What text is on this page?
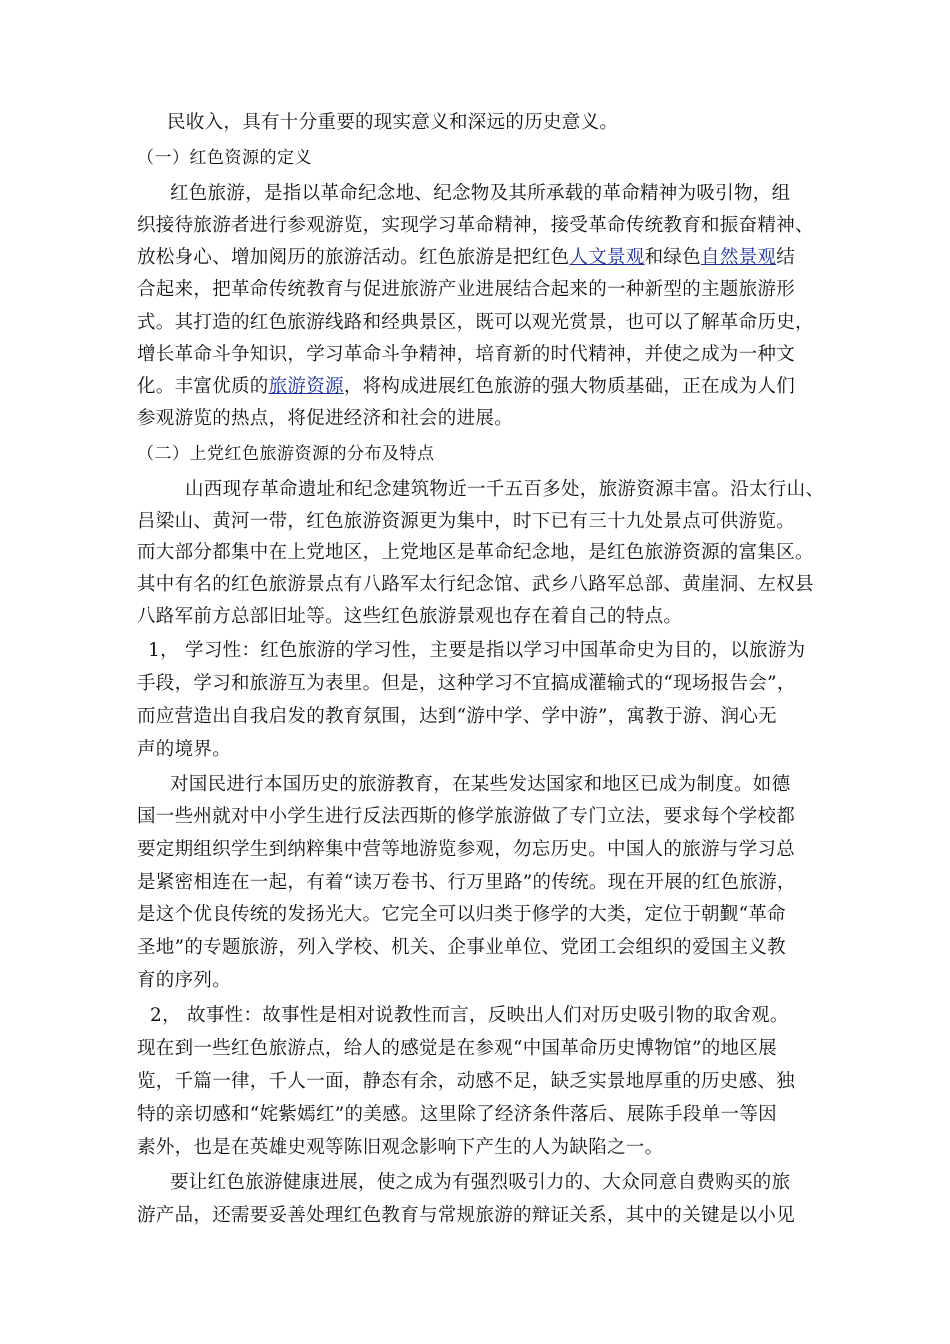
民收入，具有十分重要的现实意义和深远的历史意义。
（一）红色资源的定义
红色旅游，是指以革命纪念地、纪念物及其所承载的革命精神为吸引物，组
织接待旅游者进行参观游览，实现学习革命精神，接受革命传统教育和振奋精神、
放松身心、增加阅历的旅游活动。红色旅游是把红色人文景观和绿色自然景观结
合起来，把革命传统教育与促进旅游产业进展结合起来的一种新型的主题旅游形
式。其打造的红色旅游线路和经典景区，既可以观光赏景，也可以了解革命历史，
增长革命斗争知识，学习革命斗争精神，培育新的时代精神，并使之成为一种文
化。丰富优质的旅游资源，将构成进展红色旅游的强大物质基础，正在成为人们
参观游览的热点，将促进经济和社会的进展。
（二）上党红色旅游资源的分布及特点
山西现存革命遗址和纪念建筑物近一千五百多处，旅游资源丰富。沿太行山、
吕梁山、黄河一带，红色旅游资源更为集中，时下已有三十九处景点可供游览。
而大部分都集中在上党地区，上党地区是革命纪念地，是红色旅游资源的富集区。
其中有名的红色旅游景点有八路军太行纪念馆、武乡八路军总部、黄崖洞、左权县
八路军前方总部旧址等。这些红色旅游景观也存在着自己的特点。
1， 学习性：红色旅游的学习性，主要是指以学习中国革命史为目的，以旅游为
手段，学习和旅游互为表里。但是，这种学习不宜搞成灌输式的“现场报告会”，
而应营造出自我启发的教育氛围，达到“游中学、学中游”，寓教于游、润心无
声的境界。
对国民进行本国历史的旅游教育，在某些发达国家和地区已成为制度。如德
国一些州就对中小学生进行反法西斯的修学旅游做了专门立法，要求每个学校都
要定期组织学生到纳粹集中营等地游览参观，勿忘历史。中国人的旅游与学习总
是紧密相连在一起，有着“读万卷书、行万里路”的传统。现在开展的红色旅游，
是这个优良传统的发扬光大。它完全可以归类于修学的大类，定位于朝觐“革命
圣地”的专题旅游，列入学校、机关、企事业单位、党团工会组织的爱国主义教
育的序列。
2， 故事性：故事性是相对说教性而言，反映出人们对历史吸引物的取舍观。
现在到一些红色旅游点，给人的感觉是在参观“中国革命历史博物馆”的地区展
览，千篇一律，千人一面，静态有余，动感不足，缺乏实景地厚重的历史感、独
特的亲切感和“姹紫嫣红”的美感。这里除了经济条件落后、展陈手段单一等因
素外，也是在英雄史观等陈旧观念影响下产生的人为缺陷之一。
要让红色旅游健康进展，使之成为有强烈吸引力的、大众同意自费购买的旅
游产品，还需要妥善处理红色教育与常规旅游的辩证关系，其中的关键是以小见
